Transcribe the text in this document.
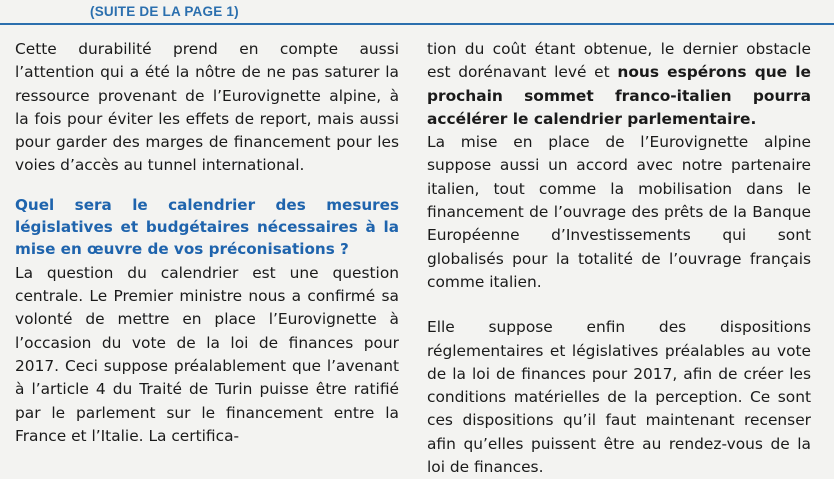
(SUITE DE LA PAGE 1)

Cette durabilité prend en compte aussi l’attention qui a été la nôtre de ne pas saturer la ressource provenant de l’Eurovignette alpine, à la fois pour éviter les effets de report, mais aussi pour garder des marges de financement pour les voies d’accès au tunnel international.

Quel sera le calendrier des mesures législatives et budgétaires nécessaires à la mise en œuvre de vos préconisations ?

La question du calendrier est une question centrale. Le Premier ministre nous a confirmé sa volonté de mettre en place l’Eurovignette à l’occasion du vote de la loi de finances pour 2017. Ceci suppose préalablement que l’avenant à l’article 4 du Traité de Turin puisse être ratifié par le parlement sur le financement entre la France et l’Italie. La certifica-

tion du coût étant obtenue, le dernier obstacle est dorénavant levé et nous espérons que le prochain sommet franco-italien pourra accélérer le calendrier parlementaire.

La mise en place de l’Eurovignette alpine suppose aussi un accord avec notre partenaire italien, tout comme la mobilisation dans le financement de l’ouvrage des prêts de la Banque Européenne d’Investissements qui sont globalisés pour la totalité de l’ouvrage français comme italien.

Elle suppose enfin des dispositions réglementaires et législatives préalables au vote de la loi de finances pour 2017, afin de créer les conditions matérielles de la perception. Ce sont ces dispositions qu’il faut maintenant recenser afin qu’elles puissent être au rendez-vous de la loi de finances.
